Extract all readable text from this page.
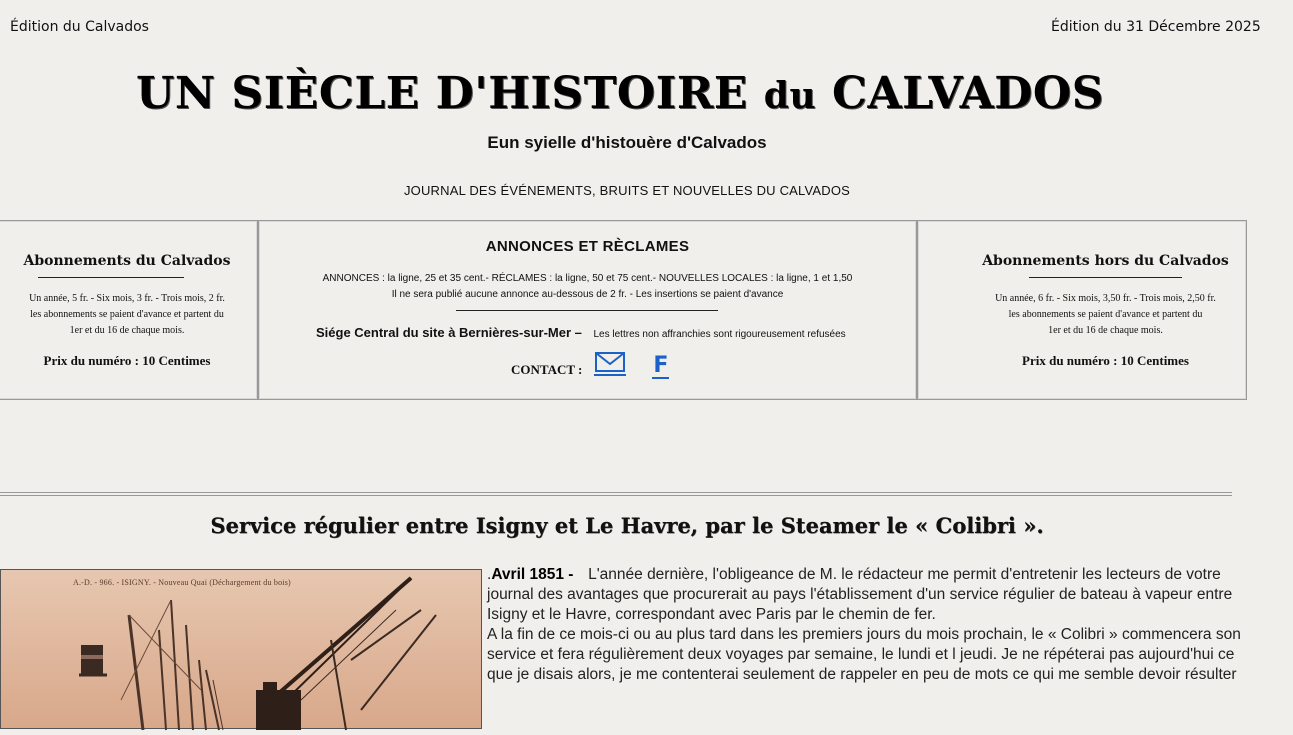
Édition du Calvados	Édition du 31 Décembre 2025
UN SIÈCLE D'HISTOIRE du CALVADOS
Eun syielle d'histouère d'Calvados
JOURNAL DES ÉVÉNEMENTS, BRUITS ET NOUVELLES DU CALVADOS
Abonnements du Calvados
Un année, 5 fr. - Six mois, 3 fr. - Trois mois, 2 fr.
les abonnements se paient d'avance et partent du
1er et du 16 de chaque mois.
Prix du numéro : 10 Centimes
ANNONCES ET RÈCLAMES
ANNONCES : la ligne, 25 et 35 cent.- RÉCLAMES : la ligne, 50 et 75 cent.- NOUVELLES LOCALES : la ligne, 1 et 1,50
Il ne sera publié aucune annonce au-dessous de 2 fr. - Les insertions se paient d'avance
Siége Central du site à Bernières-sur-Mer – Les lettres non affranchies sont rigoureusement refusées
CONTACT :	F
Abonnements hors du Calvados
Un année, 6 fr. - Six mois, 3,50 fr. - Trois mois, 2,50 fr.
les abonnements se paient d'avance et partent du
1er et du 16 de chaque mois.
Prix du numéro : 10 Centimes
Service régulier entre Isigny et Le Havre, par le Steamer le « Colibri ».
A.-D. - 966. - ISIGNY. - Nouveau Quai (Déchargement du bois)	.Avril 1851 -  L'année dernière, l'obligeance de M. le rédacteur me permit d'entretenir les lecteurs de votre
journal des avantages que procurerait au pays l'établissement d'un service régulier de bateau à vapeur entre
Isigny et le Havre, correspondant avec Paris par le chemin de fer.
A la fin de ce mois-ci ou au plus tard dans les premiers jours du mois prochain, le « Colibri » commencera son
service et fera régulièrement deux voyages par semaine, le lundi et l jeudi. Je ne répéterai pas aujourd'hui ce
que je disais alors, je me contenterai seulement de rappeler en peu de mots ce qui me semble devoir résulter
